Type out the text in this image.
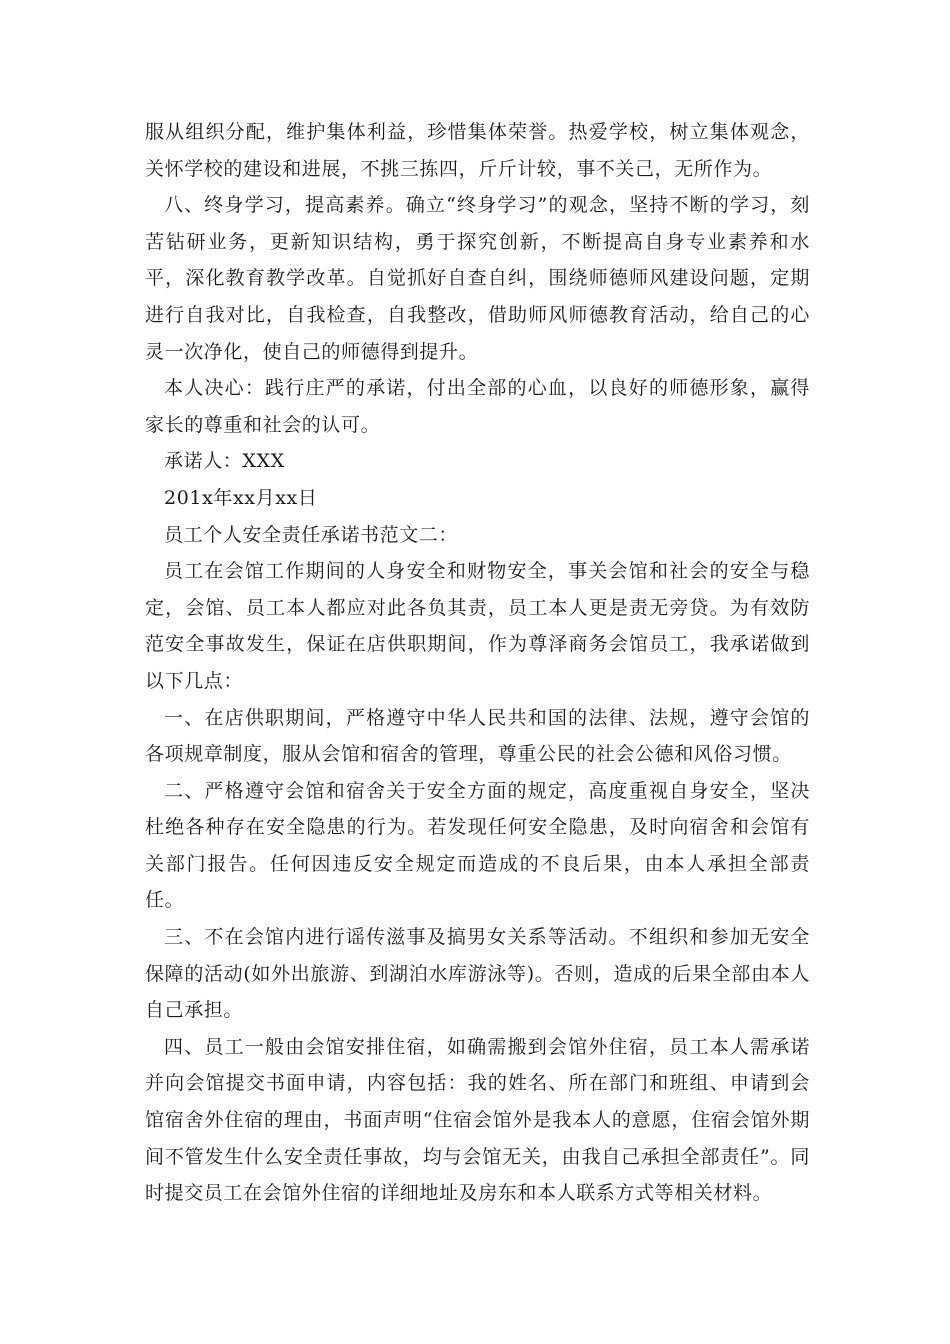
服从组织分配，维护集体利益，珍惜集体荣誉。热爱学校，树立集体观念，关怀学校的建设和进展，不挑三拣四，斤斤计较，事不关己，无所作为。

八、终身学习，提高素养。确立“终身学习”的观念，坚持不断的学习，刻苦钻研业务，更新知识结构，勇于探究创新，不断提高自身专业素养和水平，深化教育教学改革。自觉抓好自查自纠，围绕师德师风建设问题，定期进行自我对比，自我检查，自我整改，借助师风师德教育活动，给自己的心灵一次净化，使自己的师德得到提升。

本人决心：践行庄严的承诺，付出全部的心血，以良好的师德形象，赢得家长的尊重和社会的认可。

承诺人：XXX

201x年xx月xx日

员工个人安全责任承诺书范文二：

员工在会馆工作期间的人身安全和财物安全，事关会馆和社会的安全与稳定，会馆、员工本人都应对此各负其责，员工本人更是责无旁贷。为有效防范安全事故发生，保证在店供职期间，作为尊泽商务会馆员工，我承诺做到以下几点：

一、在店供职期间，严格遵守中华人民共和国的法律、法规，遵守会馆的各项规章制度，服从会馆和宿舍的管理，尊重公民的社会公德和风俗习惯。

二、严格遵守会馆和宿舍关于安全方面的规定，高度重视自身安全，坚决杜绝各种存在安全隐患的行为。若发现任何安全隐患，及时向宿舍和会馆有关部门报告。任何因违反安全规定而造成的不良后果，由本人承担全部责任。

三、不在会馆内进行谣传滋事及搞男女关系等活动。不组织和参加无安全保障的活动(如外出旅游、到湖泊水库游泳等)。否则，造成的后果全部由本人自己承担。

四、员工一般由会馆安排住宿，如确需搬到会馆外住宿，员工本人需承诺并向会馆提交书面申请，内容包括：我的姓名、所在部门和班组、申请到会馆宿舍外住宿的理由，书面声明“住宿会馆外是我本人的意愿，住宿会馆外期间不管发生什么安全责任事故，均与会馆无关，由我自己承担全部责任”。同时提交员工在会馆外住宿的详细地址及房东和本人联系方式等相关材料。
